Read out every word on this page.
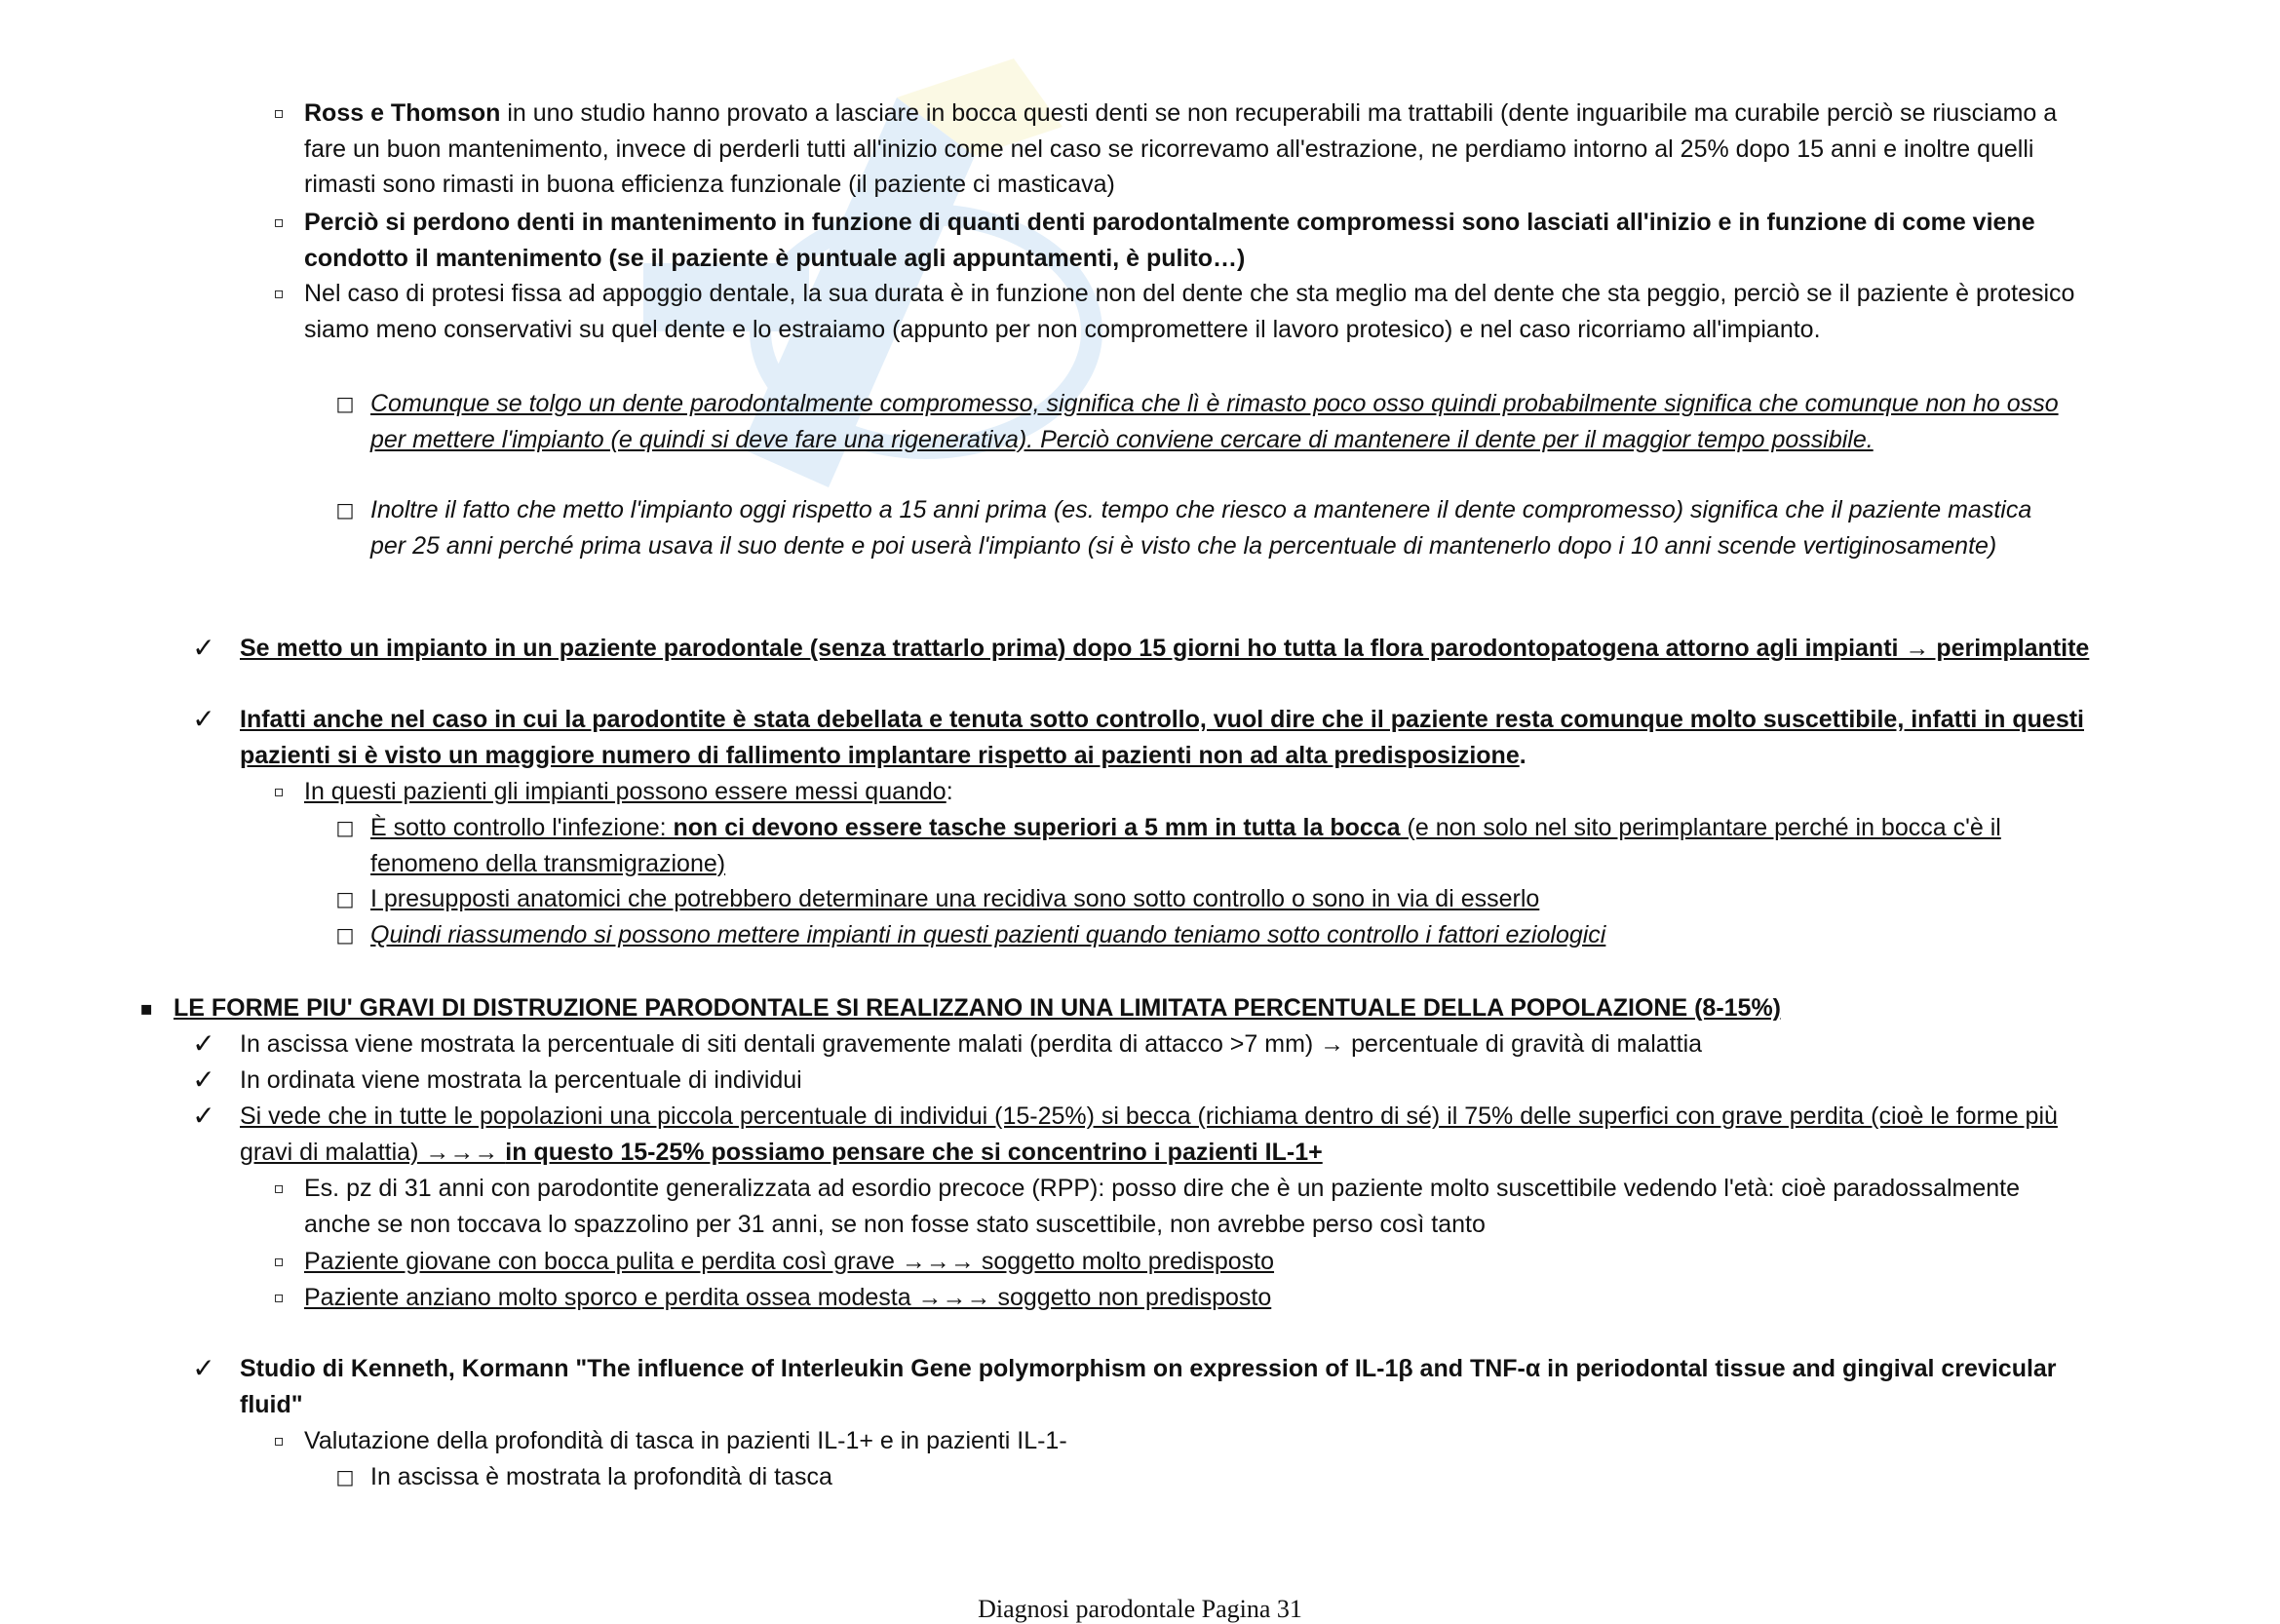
▫ Ross e Thomson in uno studio hanno provato a lasciare in bocca questi denti se non recuperabili ma trattabili (dente inguaribile ma curabile perciò se riusciamo a fare un buon mantenimento, invece di perderli tutti all'inizio come nel caso se ricorrevamo all'estrazione, ne perdiamo intorno al 25% dopo 15 anni e inoltre quelli rimasti sono rimasti in buona efficienza funzionale (il paziente ci masticava)
▫ Perciò si perdono denti in mantenimento in funzione di quanti denti parodontalmente compromessi sono lasciati all'inizio e in funzione di come viene condotto il mantenimento (se il paziente è puntuale agli appuntamenti, è pulito…)
▫ Nel caso di protesi fissa ad appoggio dentale, la sua durata è in funzione non del dente che sta meglio ma del dente che sta peggio, perciò se il paziente è protesico siamo meno conservativi su quel dente e lo estraiamo (appunto per non compromettere il lavoro protesico) e nel caso ricorriamo all'impianto.
□ Comunque se tolgo un dente parodontalmente compromesso, significa che lì è rimasto poco osso quindi probabilmente significa che comunque non ho osso per mettere l'impianto (e quindi si deve fare una rigenerativa). Perciò conviene cercare di mantenere il dente per il maggior tempo possibile.
□ Inoltre il fatto che metto l'impianto oggi rispetto a 15 anni prima (es. tempo che riesco a mantenere il dente compromesso) significa che il paziente mastica per 25 anni perché prima usava il suo dente e poi userà l'impianto (si è visto che la percentuale di mantenerlo dopo i 10 anni scende vertiginosamente)
✓ Se metto un impianto in un paziente parodontale (senza trattarlo prima) dopo 15 giorni ho tutta la flora parodontopatogena attorno agli impianti → perimplantite
✓ Infatti anche nel caso in cui la parodontite è stata debellata e tenuta sotto controllo, vuol dire che il paziente resta comunque molto suscettibile, infatti in questi pazienti si è visto un maggiore numero di fallimento implantare rispetto ai pazienti non ad alta predisposizione.
▫ In questi pazienti gli impianti possono essere messi quando:
□ È sotto controllo l'infezione: non ci devono essere tasche superiori a 5 mm in tutta la bocca (e non solo nel sito perimplantare perché in bocca c'è il fenomeno della transmigrazione)
□ I presupposti anatomici che potrebbero determinare una recidiva sono sotto controllo o sono in via di esserlo
□ Quindi riassumendo si possono mettere impianti in questi pazienti quando teniamo sotto controllo i fattori eziologici
▪ LE FORME PIU' GRAVI DI DISTRUZIONE PARODONTALE SI REALIZZANO IN UNA LIMITATA PERCENTUALE DELLA POPOLAZIONE (8-15%)
✓ In ascissa viene mostrata la percentuale di siti dentali gravemente malati (perdita di attacco >7 mm) → percentuale di gravità di malattia
✓ In ordinata viene mostrata la percentuale di individui
✓ Si vede che in tutte le popolazioni una piccola percentuale di individui (15-25%) si becca (richiama dentro di sé) il 75% delle superfici con grave perdita (cioè le forme più gravi di malattia) →→→ in questo 15-25% possiamo pensare che si concentrino i pazienti IL-1+
▫ Es. pz di 31 anni con parodontite generalizzata ad esordio precoce (RPP): posso dire che è un paziente molto suscettibile vedendo l'età: cioè paradossalmente anche se non toccava lo spazzolino per 31 anni, se non fosse stato suscettibile, non avrebbe perso così tanto
▫ Paziente giovane con bocca pulita e perdita così grave →→→ soggetto molto predisposto
▫ Paziente anziano molto sporco e perdita ossea modesta →→→ soggetto non predisposto
✓ Studio di Kenneth, Kormann "The influence of Interleukin Gene polymorphism on expression of IL-1β and TNF-α in periodontal tissue and gingival crevicular fluid"
▫ Valutazione della profondità di tasca in pazienti IL-1+ e in pazienti IL-1-
□ In ascissa è mostrata la profondità di tasca
Diagnosi parodontale Pagina 31
